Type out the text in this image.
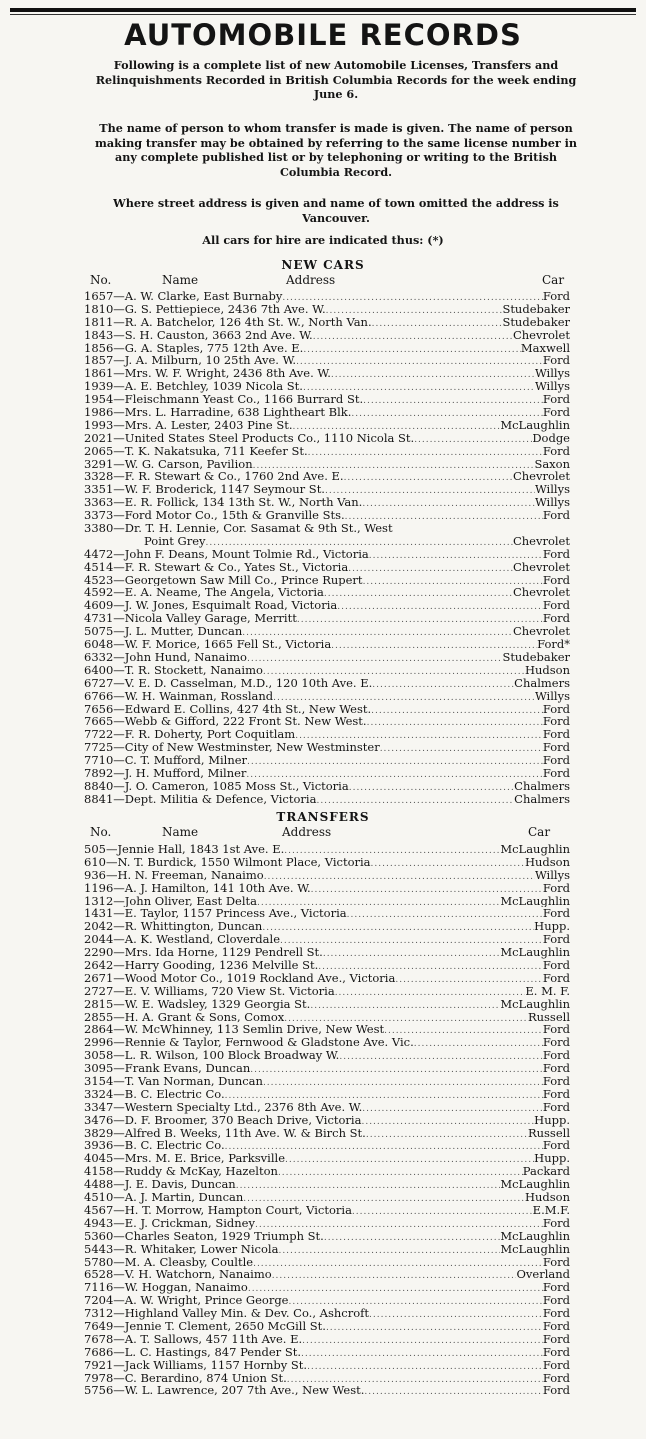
AUTOMOBILE RECORDS

Following is a complete list of new Automobile Licenses, Transfers and Relinquishments Recorded in British Columbia Records for the week ending June 6.

The name of person to whom transfer is made is given. The name of person making transfer may be obtained by referring to the same license number in any complete published list or by telephoning or writing to the British Columbia Record.

Where street address is given and name of town omitted the address is Vancouver.

All cars for hire are indicated thus: (*)

NEW CARS
No.	Name	Address	Car
1657—A. W. Clarke, East Burnaby .....	Ford
1810—G. S. Pettiepiece, 2436 7th Ave. W. .....	Studebaker
1811—R. A. Batchelor, 126 4th St. W., North Van. .....	Studebaker
1843—S. H. Causton, 3663 2nd Ave. W. .....	Chevrolet
1856—G. A. Staples, 775 12th Ave. E. .....	Maxwell
1857—J. A. Milburn, 10 25th Ave. W. .....	Ford
1861—Mrs. W. F. Wright, 2436 8th Ave. W. .....	Willys
1939—A. E. Betchley, 1039 Nicola St. .....	Willys
1954—Fleischmann Yeast Co., 1166 Burrard St. .....	Ford
1986—Mrs. L. Harradine, 638 Lightheart Blk. .....	Ford
1993—Mrs. A. Lester, 2403 Pine St. .....	McLaughlin
2021—United States Steel Products Co., 1110 Nicola St. .....	Dodge
2065—T. K. Nakatsuka, 711 Keefer St. .....	Ford
3291—W. G. Carson, Pavilion .....	Saxon
3328—F. R. Stewart & Co., 1760 2nd Ave. E. .....	Chevrolet
3351—W. F. Broderick, 1147 Seymour St. .....	Willys
3363—E. R. Follick, 134 13th St. W., North Van. .....	Willys
3373—Ford Motor Co., 15th & Granville Sts. .....	Ford
3380—Dr. T. H. Lennie, Cor. Sasamat & 9th St., West
Point Grey .....	Chevrolet
4472—John F. Deans, Mount Tolmie Rd., Victoria .....	Ford
4514—F. R. Stewart & Co., Yates St., Victoria .....	Chevrolet
4523—Georgetown Saw Mill Co., Prince Rupert .....	Ford
4592—E. A. Neame, The Angela, Victoria .....	Chevrolet
4609—J. W. Jones, Esquimalt Road, Victoria .....	Ford
4731—Nicola Valley Garage, Merritt .....	Ford
5075—J. L. Mutter, Duncan .....	Chevrolet
6048—W. F. Morice, 1665 Fell St., Victoria .....	Ford*
6332—John Hund, Nanaimo .....	Studebaker
6400—T. R. Stockett, Nanaimo .....	Hudson
6727—V. E. D. Casselman, M.D., 120 10th Ave. E. .....	Chalmers
6766—W. H. Wainman, Rossland .....	Willys
7656—Edward E. Collins, 427 4th St., New West. .....	Ford
7665—Webb & Gifford, 222 Front St. New West. .....	Ford
7722—F. R. Doherty, Port Coquitlam .....	Ford
7725—City of New Westminster, New Westminster .....	Ford
7710—C. T. Mufford, Milner .....	Ford
7892—J. H. Mufford, Milner .....	Ford
8840—J. O. Cameron, 1085 Moss St., Victoria .....	Chalmers
8841—Dept. Militia & Defence, Victoria .....	Chalmers
TRANSFERS
No.	Name	Address	Car
505—Jennie Hall, 1843 1st Ave. E. .....	McLaughlin
610—N. T. Burdick, 1550 Wilmont Place, Victoria .....	Hudson
936—H. N. Freeman, Nanaimo .....	Willys
1196—A. J. Hamilton, 141 10th Ave. W. .....	Ford
1312—John Oliver, East Delta .....	McLaughlin
1431—E. Taylor, 1157 Princess Ave., Victoria .....	Ford
2042—R. Whittington, Duncan .....	Hupp.
2044—A. K. Westland, Cloverdale .....	Ford
2290—Mrs. Ida Horne, 1129 Pendrell St. .....	McLaughlin
2642—Harry Gooding, 1236 Melville St. .....	Ford
2671—Wood Motor Co., 1019 Rockland Ave., Victoria .....	Ford
2727—E. V. Williams, 720 View St. Victoria .....	E. M. F.
2815—W. E. Wadsley, 1329 Georgia St. .....	McLaughlin
2855—H. A. Grant & Sons, Comox .....	Russell
2864—W. McWhinney, 113 Semlin Drive, New West .....	Ford
2996—Rennie & Taylor, Fernwood & Gladstone Ave. Vic. .....	Ford
3058—L. R. Wilson, 100 Block Broadway W. .....	Ford
3095—Frank Evans, Duncan .....	Ford
3154—T. Van Norman, Duncan .....	Ford
3324—B. C. Electric Co. .....	Ford
3347—Western Specialty Ltd., 2376 8th Ave. W. .....	Ford
3476—D. F. Broomer, 370 Beach Drive, Victoria .....	Hupp.
3829—Alfred B. Weeks, 11th Ave. W. & Birch St. .....	Russell
3936—B. C. Electric Co. .....	Ford
4045—Mrs. M. E. Brice, Parksville .....	Hupp.
4158—Ruddy & McKay, Hazelton .....	Packard
4488—J. E. Davis, Duncan .....	McLaughlin
4510—A. J. Martin, Duncan .....	Hudson
4567—H. T. Morrow, Hampton Court, Victoria .....	E.M.F.
4943—E. J. Crickman, Sidney .....	Ford
5360—Charles Seaton, 1929 Triumph St. .....	McLaughlin
5443—R. Whitaker, Lower Nicola .....	McLaughlin
5780—M. A. Cleasby, Coultle .....	Ford
6528—V. H. Watchorn, Nanaimo .....	Overland
7116—W. Hoggan, Nanaimo .....	Ford
7204—A. W. Wright, Prince George .....	Ford
7312—Highland Valley Min. & Dev. Co., Ashcroft .....	Ford
7649—Jennie T. Clement, 2650 McGill St. .....	Ford
7678—A. T. Sallows, 457 11th Ave. E. .....	Ford
7686—L. C. Hastings, 847 Pender St. .....	Ford
7921—Jack Williams, 1157 Hornby St. .....	Ford
7978—C. Berardino, 874 Union St. .....	Ford
5756—W. L. Lawrence, 207 7th Ave., New West. .....	Ford
